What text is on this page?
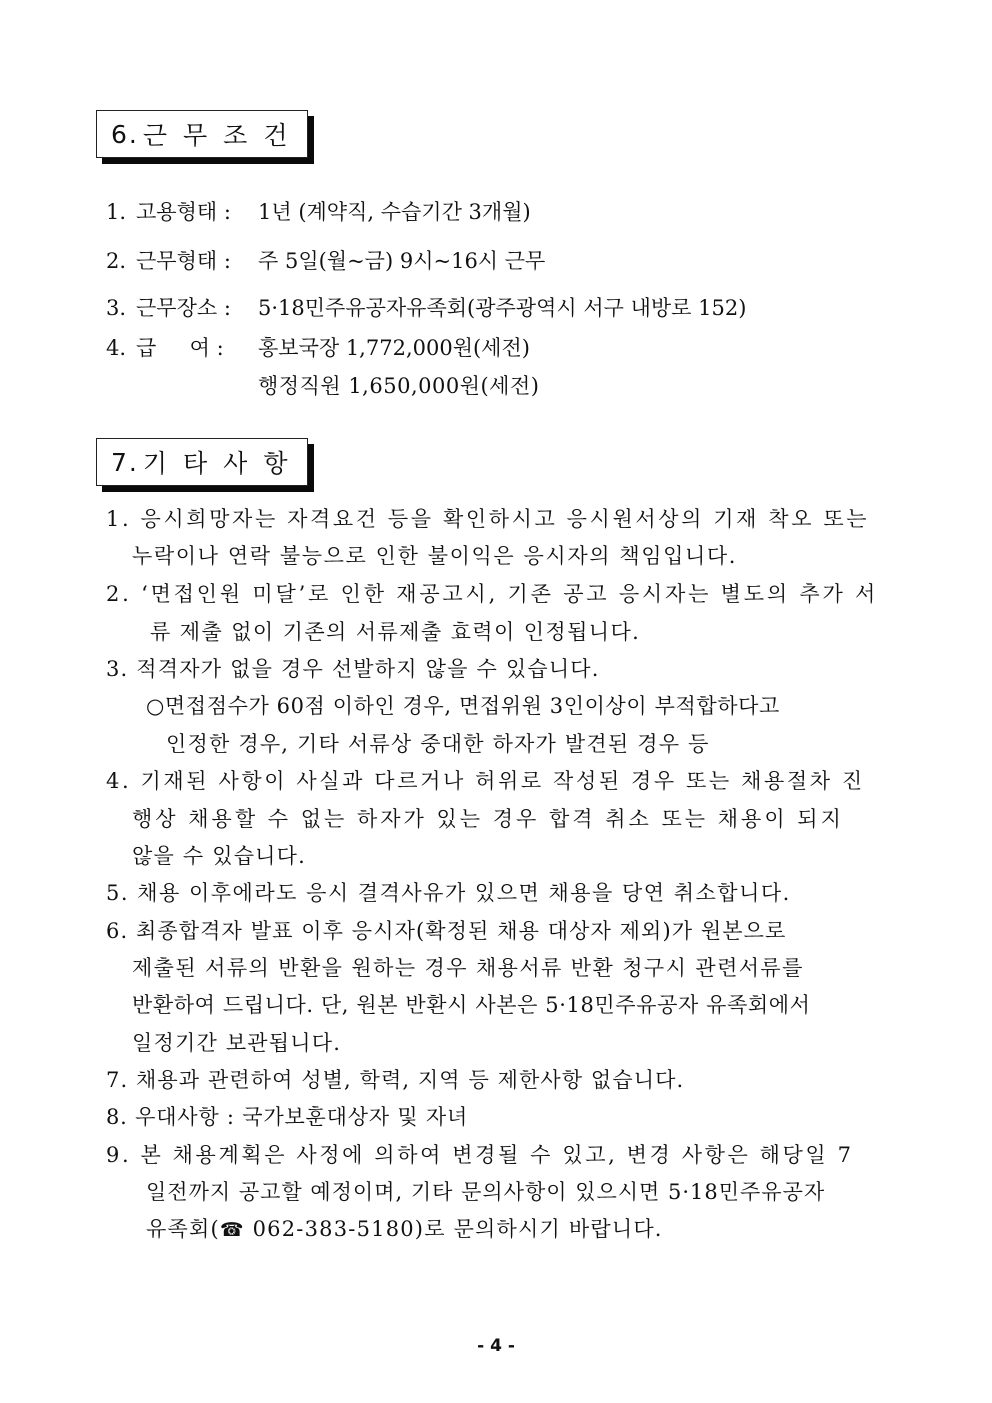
6. 근 무 조 건
1. 고용형태 :	1년 (계약직, 수습기간 3개월)
2. 근무형태 :	주 5일(월~금) 9시~16시 근무
3. 근무장소 :	5·18민주유공자유족회(광주광역시 서구 내방로 152)
4. 급     여 :	홍보국장 1,772,000원(세전)
행정직원 1,650,000원(세전)
7. 기 타 사 항
1. 응시희망자는 자격요건 등을 확인하시고 응시원서상의 기재 착오 또는
누락이나 연락 불능으로 인한 불이익은 응시자의 책임입니다.
2. ‘면접인원 미달’로 인한 재공고시, 기존 공고 응시자는 별도의 추가 서
류 제출 없이 기존의 서류제출 효력이 인정됩니다.
3. 적격자가 없을 경우 선발하지 않을 수 있습니다.
○면접점수가 60점 이하인 경우, 면접위원 3인이상이 부적합하다고
인정한 경우, 기타 서류상 중대한 하자가 발견된 경우 등
4. 기재된 사항이 사실과 다르거나 허위로 작성된 경우 또는 채용절차 진
행상 채용할 수 없는 하자가 있는 경우 합격 취소 또는 채용이 되지
않을 수 있습니다.
5. 채용 이후에라도 응시 결격사유가 있으면 채용을 당연 취소합니다.
6. 최종합격자 발표 이후 응시자(확정된 채용 대상자 제외)가 원본으로
제출된 서류의 반환을 원하는 경우 채용서류 반환 청구시 관련서류를
반환하여 드립니다. 단, 원본 반환시 사본은 5·18민주유공자 유족회에서
일정기간 보관됩니다.
7. 채용과 관련하여 성별, 학력, 지역 등 제한사항 없습니다.
8. 우대사항 : 국가보훈대상자 및 자녀
9. 본 채용계획은 사정에 의하여 변경될 수 있고, 변경 사항은 해당일 7
일전까지 공고할 예정이며, 기타 문의사항이 있으시면 5·18민주유공자
유족회(☎ 062-383-5180)로 문의하시기 바랍니다.
- 4 -
